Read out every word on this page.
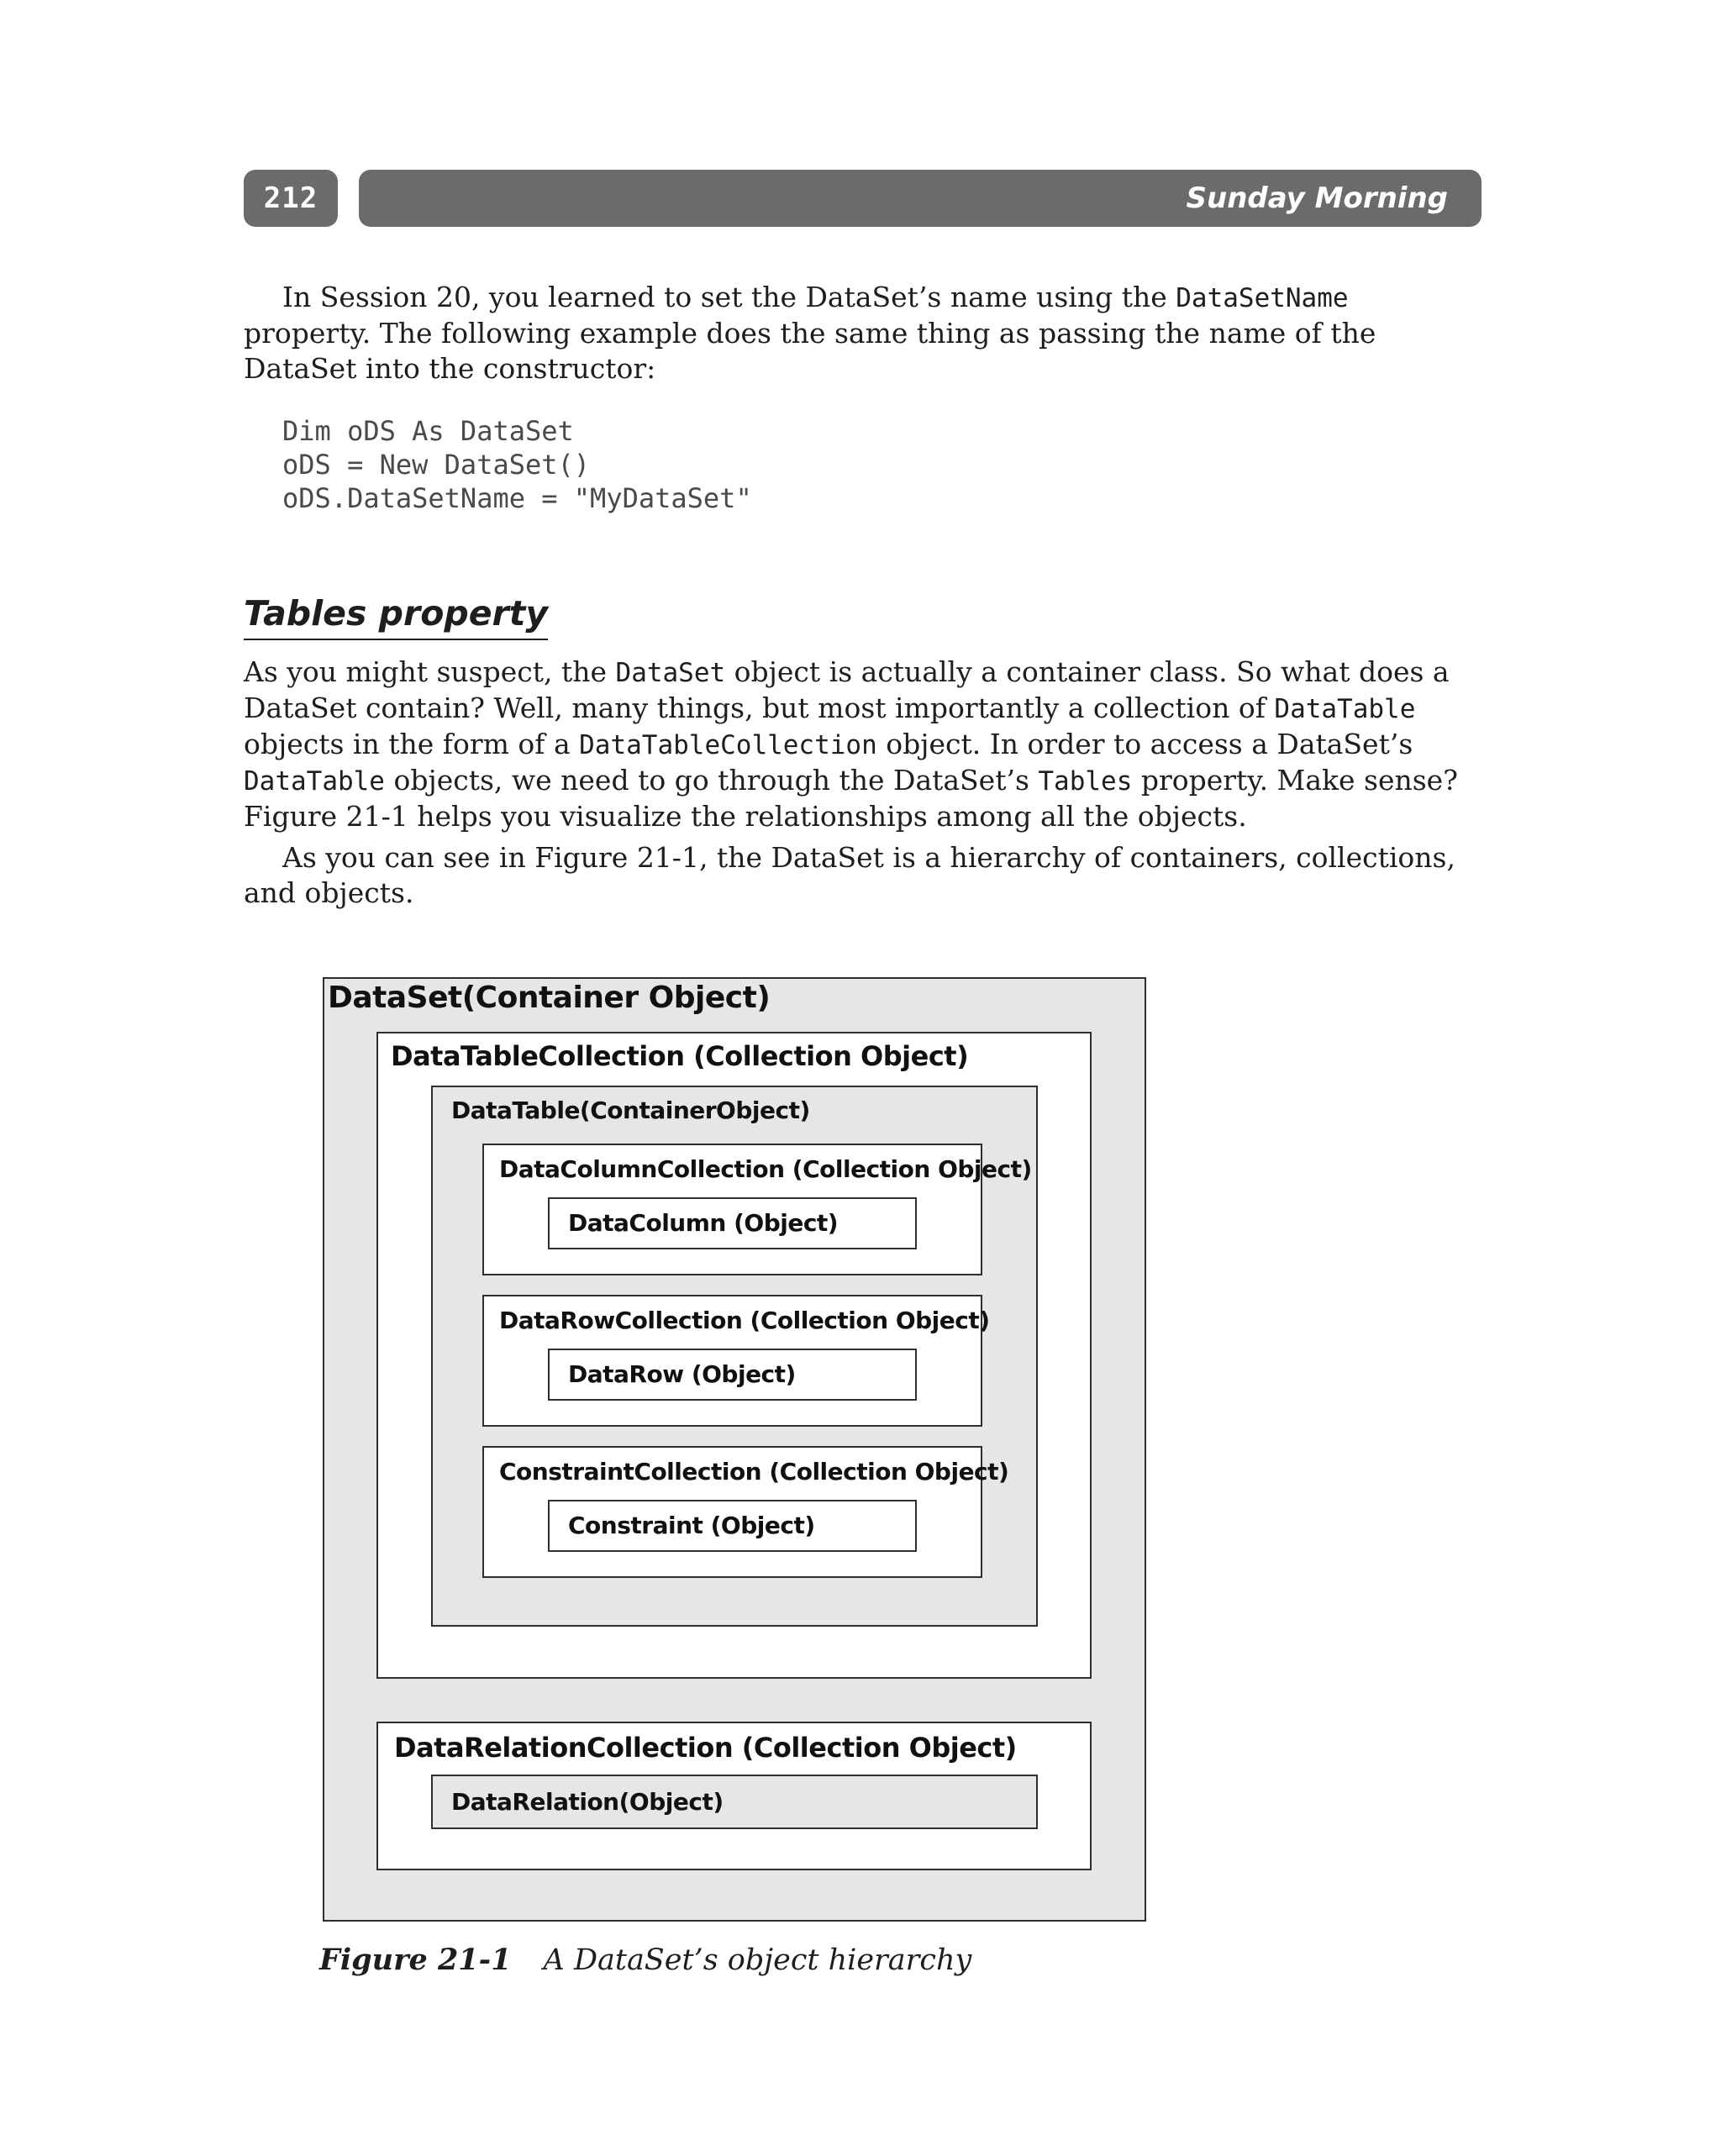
212	Sunday Morning

In Session 20, you learned to set the DataSet’s name using the DataSetName property. The following example does the same thing as passing the name of the DataSet into the constructor:

Dim oDS As DataSet
oDS = New DataSet()
oDS.DataSetName = "MyDataSet"
Tables property

As you might suspect, the DataSet object is actually a container class. So what does a DataSet contain? Well, many things, but most importantly a collection of DataTable objects in the form of a DataTableCollection object. In order to access a DataSet’s DataTable objects, we need to go through the DataSet’s Tables property. Make sense? Figure 21-1 helps you visualize the relationships among all the objects.

As you can see in Figure 21-1, the DataSet is a hierarchy of containers, collections, and objects.

DataSet(Container Object)
DataTableCollection (Collection Object)
DataTable(ContainerObject)
DataColumnCollection (Collection Object)
DataColumn (Object)
DataRowCollection (Collection Object)
DataRow (Object)
ConstraintCollection (Collection Object)
Constraint (Object)
DataRelationCollection (Collection Object)
DataRelation(Object)
Figure 21-1 A DataSet’s object hierarchy
